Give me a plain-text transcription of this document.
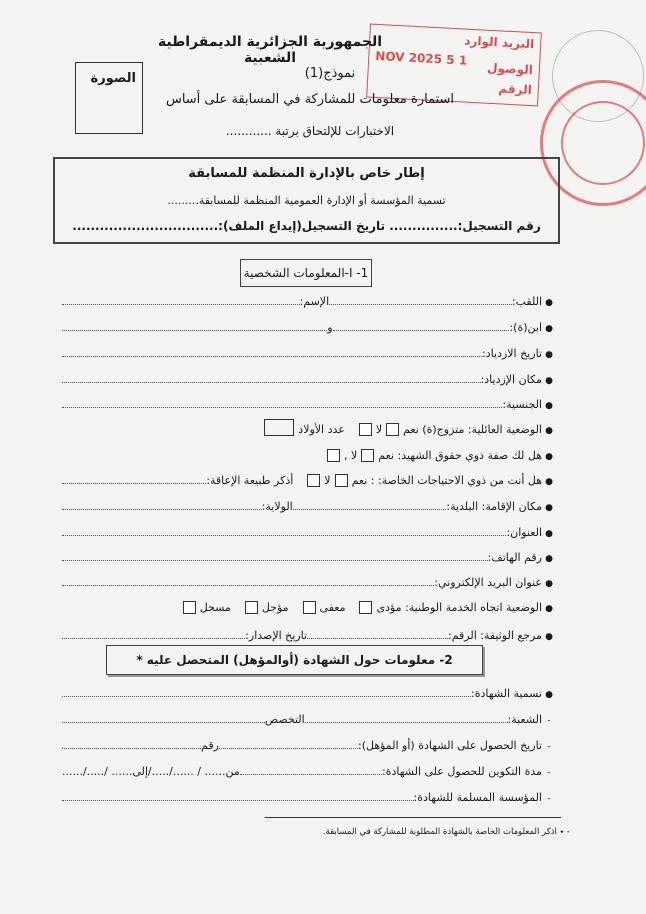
البريد الوارد
1 5 NOV 2025
الوصول
الرقم
الجمهورية الجزائرية الديمقراطية الشعبية
نموذج(1)
استمارة معلومات للمشاركة في المسابقة على أساس
الاختبارات للإلتحاق برتبة ............
الصورة
إطار خاص بالإدارة المنظمة للمسابقة
تسمية المؤسسة أو الإدارة العمومية المنظمة للمسابقة.........
رقم التسجيل:............... تاريخ التسجيل(إيداع الملف):................................
I -1-المعلومات الشخصية
●
اللقب:
الإسم:
●
ابن(ة):
و
●
تاريخ الازدياد:
●
مكان الإزدياد:
●
الجنسية:
●
الوضعية العائلية: متزوج(ة) نعم
لا
عدد الأولاد
●
هل لك صفة ذوي حقوق الشهيد: نعم
لا ,
●
هل أنت من ذوي الاحتياجات الخاصة: : نعم
لا
أذكر طبيعة الإعاقة:
●
مكان الإقامة: البلدية:
الولاية:
●
العنوان:
●
رقم الهاتف:
●
عنوان البريد الإلكتروني:
●
الوضعية اتجاه الخدمة الوطنية: مؤدى
معفى
مؤجل
مسجل
●
مرجع الوثيقة: الرقم:
تاريخ الإصدار:
2- معلومات حول الشهادة (أوالمؤهل) المتحصل عليه *
●
تسمية الشهادة:
-
الشعبة:
التخصص
-
تاريخ الحصول على الشهادة (أو المؤهل):
رقم
-
مدة التكوين للحصول على الشهادة:
من...... / ....../...../إلى...... /...../......
-
المؤسسة المسلمة للشهادة:
- ٭ اذكر المعلومات الخاصة بالشهادة المطلوبة للمشاركة في المسابقة.
